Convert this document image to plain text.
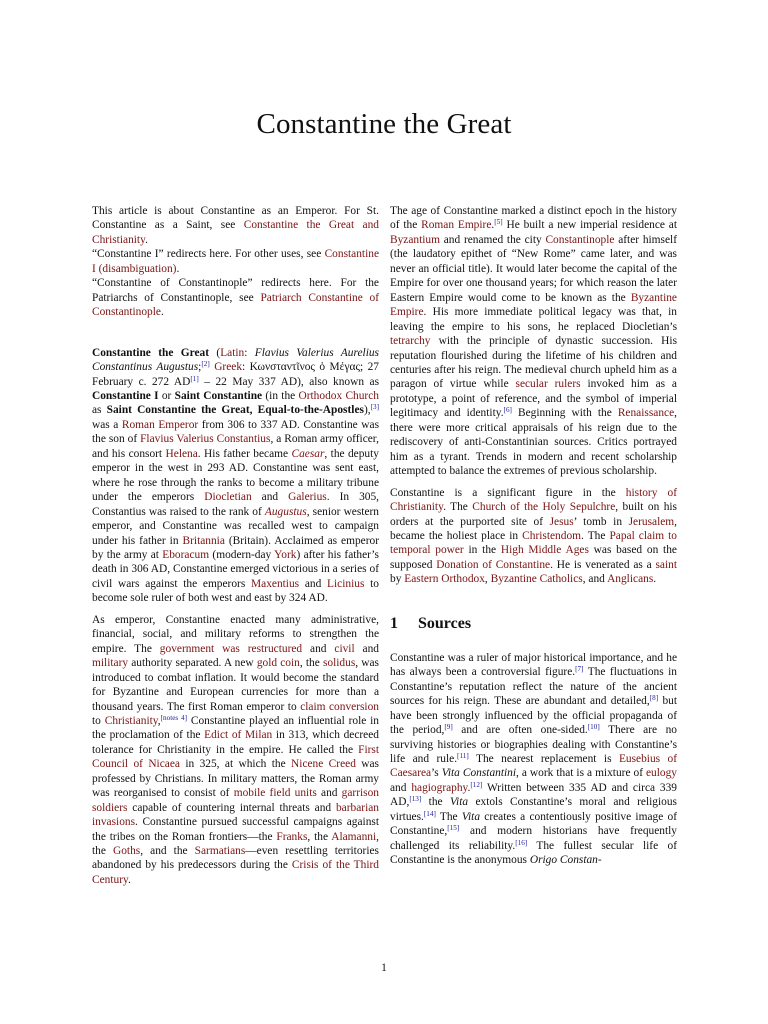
Constantine the Great

This article is about Constantine as an Emperor. For St. Constantine as a Saint, see Constantine the Great and Christianity.

“Constantine I” redirects here. For other uses, see Constantine I (disambiguation).

“Constantine of Constantinople” redirects here. For the Patriarchs of Constantinople, see Patriarch Constantine of Constantinople.

Constantine the Great (Latin: Flavius Valerius Aurelius Constantinus Augustus;[2] Greek: Κωνσταντῖνος ὁ Μέγας; 27 February c. 272 AD[1] – 22 May 337 AD), also known as Constantine I or Saint Constantine (in the Orthodox Church as Saint Constantine the Great, Equal-to-the-Apostles),[3] was a Roman Emperor from 306 to 337 AD. Constantine was the son of Flavius Valerius Constantius, a Roman army officer, and his consort Helena. His father became Caesar, the deputy emperor in the west in 293 AD. Constantine was sent east, where he rose through the ranks to become a military tribune under the emperors Diocletian and Galerius. In 305, Constantius was raised to the rank of Augustus, senior western emperor, and Constantine was recalled west to campaign under his father in Britannia (Britain). Acclaimed as emperor by the army at Eboracum (modern-day York) after his father’s death in 306 AD, Constantine emerged victorious in a series of civil wars against the emperors Maxentius and Licinius to become sole ruler of both west and east by 324 AD.

As emperor, Constantine enacted many administrative, financial, social, and military reforms to strengthen the empire. The government was restructured and civil and military authority separated. A new gold coin, the solidus, was introduced to combat inflation. It would become the standard for Byzantine and European currencies for more than a thousand years. The first Roman emperor to claim conversion to Christianity,[notes 4] Constantine played an influential role in the proclamation of the Edict of Milan in 313, which decreed tolerance for Christianity in the empire. He called the First Council of Nicaea in 325, at which the Nicene Creed was professed by Christians. In military matters, the Roman army was reorganised to consist of mobile field units and garrison soldiers capable of countering internal threats and barbarian invasions. Constantine pursued successful campaigns against the tribes on the Roman frontiers—the Franks, the Alamanni, the Goths, and the Sarmatians—even resettling territories abandoned by his predecessors during the Crisis of the Third Century.

The age of Constantine marked a distinct epoch in the history of the Roman Empire.[5] He built a new imperial residence at Byzantium and renamed the city Constantinople after himself (the laudatory epithet of “New Rome” came later, and was never an official title). It would later become the capital of the Empire for over one thousand years; for which reason the later Eastern Empire would come to be known as the Byzantine Empire. His more immediate political legacy was that, in leaving the empire to his sons, he replaced Diocletian’s tetrarchy with the principle of dynastic succession. His reputation flourished during the lifetime of his children and centuries after his reign. The medieval church upheld him as a paragon of virtue while secular rulers invoked him as a prototype, a point of reference, and the symbol of imperial legitimacy and identity.[6] Beginning with the Renaissance, there were more critical appraisals of his reign due to the rediscovery of anti-Constantinian sources. Critics portrayed him as a tyrant. Trends in modern and recent scholarship attempted to balance the extremes of previous scholarship.

Constantine is a significant figure in the history of Christianity. The Church of the Holy Sepulchre, built on his orders at the purported site of Jesus’ tomb in Jerusalem, became the holiest place in Christendom. The Papal claim to temporal power in the High Middle Ages was based on the supposed Donation of Constantine. He is venerated as a saint by Eastern Orthodox, Byzantine Catholics, and Anglicans.

1 Sources

Constantine was a ruler of major historical importance, and he has always been a controversial figure.[7] The fluctuations in Constantine’s reputation reflect the nature of the ancient sources for his reign. These are abundant and detailed,[8] but have been strongly influenced by the official propaganda of the period,[9] and are often one-sided.[10] There are no surviving histories or biographies dealing with Constantine’s life and rule.[11] The nearest replacement is Eusebius of Caesarea’s Vita Constantini, a work that is a mixture of eulogy and hagiography.[12] Written between 335 AD and circa 339 AD,[13] the Vita extols Constantine’s moral and religious virtues.[14] The Vita creates a contentiously positive image of Constantine,[15] and modern historians have frequently challenged its reliability.[16] The fullest secular life of Constantine is the anonymous Origo Constan-

1
